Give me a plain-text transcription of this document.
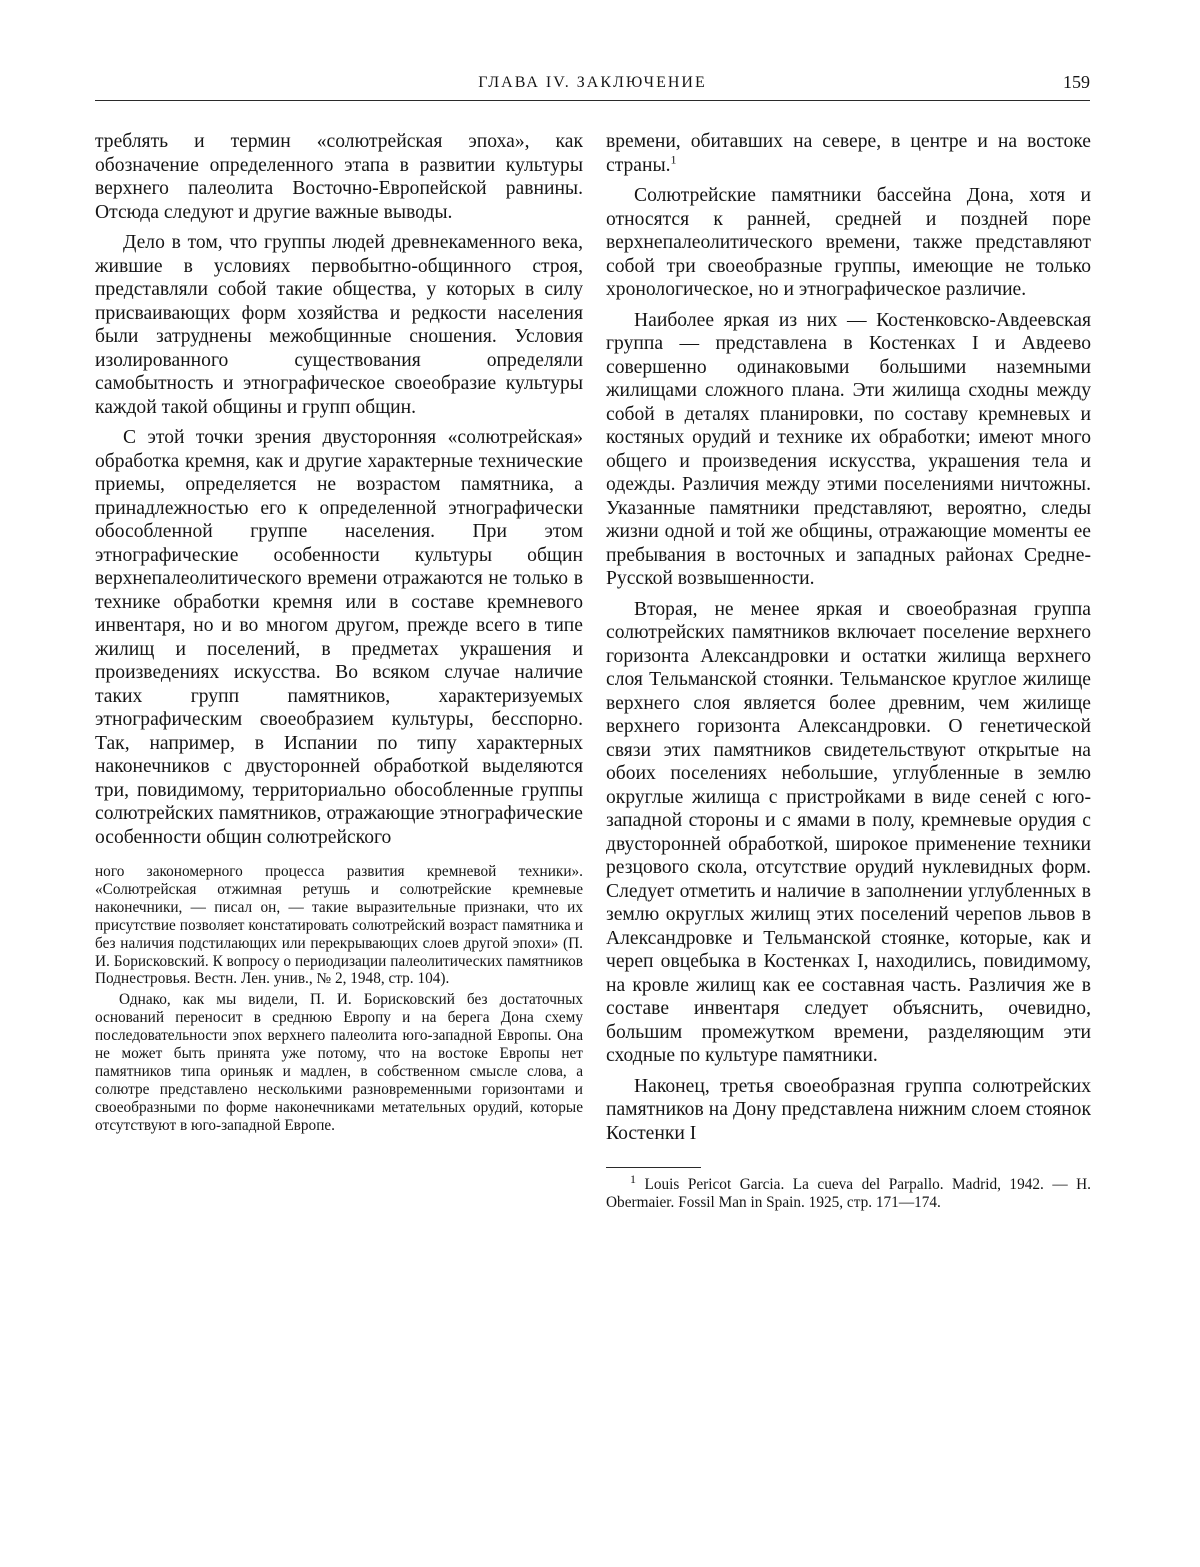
ГЛАВА IV. ЗАКЛЮЧЕНИЕ	159

треблять и термин «солютрейская эпоха», как обозначение определенного этапа в развитии культуры верхнего палеолита Восточно-Европейской равнины. Отсюда следуют и другие важные выводы.

Дело в том, что группы людей древнекаменного века, жившие в условиях первобытно-общинного строя, представляли собой такие общества, у которых в силу присваивающих форм хозяйства и редкости населения были затруднены межобщинные сношения. Условия изолированного существования определяли самобытность и этнографическое своеобразие культуры каждой такой общины и групп общин.

С этой точки зрения двусторонняя «солютрейская» обработка кремня, как и другие характерные технические приемы, определяется не возрастом памятника, а принадлежностью его к определенной этнографически обособленной группе населения. При этом этнографические особенности культуры общин верхнепалеолитического времени отражаются не только в технике обработки кремня или в составе кремневого инвентаря, но и во многом другом, прежде всего в типе жилищ и поселений, в предметах украшения и произведениях искусства. Во всяком случае наличие таких групп памятников, характеризуемых этнографическим своеобразием культуры, бесспорно. Так, например, в Испании по типу характерных наконечников с двусторонней обработкой выделяются три, повидимому, территориально обособленные группы солютрейских памятников, отражающие этнографические особенности общин солютрейского

ного закономерного процесса развития кремневой техники». «Солютрейская отжимная ретушь и солютрейские кремневые наконечники, — писал он, — такие выразительные признаки, что их присутствие позволяет констатировать солютрейский возраст памятника и без наличия подстилающих или перекрывающих слоев другой эпохи» (П. И. Борисковский. К вопросу о периодизации палеолитических памятников Поднестровья. Вестн. Лен. унив., № 2, 1948, стр. 104).

Однако, как мы видели, П. И. Борисковский без достаточных оснований переносит в среднюю Европу и на берега Дона схему последовательности эпох верхнего палеолита юго-западной Европы. Она не может быть принята уже потому, что на востоке Европы нет памятников типа ориньяк и мадлен, в собственном смысле слова, а солютре представлено несколькими разновременными горизонтами и своеобразными по форме наконечниками метательных орудий, которые отсутствуют в юго-западной Европе.

времени, обитавших на севере, в центре и на востоке страны.$^1$

Солютрейские памятники бассейна Дона, хотя и относятся к ранней, средней и поздней поре верхнепалеолитического времени, также представляют собой три своеобразные группы, имеющие не только хронологическое, но и этнографическое различие.

Наиболее яркая из них — Костенковско-Авдеевская группа — представлена в Костенках I и Авдеево совершенно одинаковыми большими наземными жилищами сложного плана. Эти жилища сходны между собой в деталях планировки, по составу кремневых и костяных орудий и технике их обработки; имеют много общего и произведения искусства, украшения тела и одежды. Различия между этими поселениями ничтожны. Указанные памятники представляют, вероятно, следы жизни одной и той же общины, отражающие моменты ее пребывания в восточных и западных районах Средне-Русской возвышенности.

Вторая, не менее яркая и своеобразная группа солютрейских памятников включает поселение верхнего горизонта Александровки и остатки жилища верхнего слоя Тельманской стоянки. Тельманское круглое жилище верхнего слоя является более древним, чем жилище верхнего горизонта Александровки. О генетической связи этих памятников свидетельствуют открытые на обоих поселениях небольшие, углубленные в землю округлые жилища с пристройками в виде сеней с юго-западной стороны и с ямами в полу, кремневые орудия с двусторонней обработкой, широкое применение техники резцового скола, отсутствие орудий нуклевидных форм. Следует отметить и наличие в заполнении углубленных в землю округлых жилищ этих поселений черепов львов в Александровке и Тельманской стоянке, которые, как и череп овцебыка в Костенках I, находились, повидимому, на кровле жилищ как ее составная часть. Различия же в составе инвентаря следует объяснить, очевидно, большим промежутком времени, разделяющим эти сходные по культуре памятники.

Наконец, третья своеобразная группа солютрейских памятников на Дону представлена нижним слоем стоянок Костенки I

$^1$ Louis Pericot Garcia. La cueva del Parpallo. Madrid, 1942. — H. Obermaier. Fossil Man in Spain. 1925, стр. 171—174.
